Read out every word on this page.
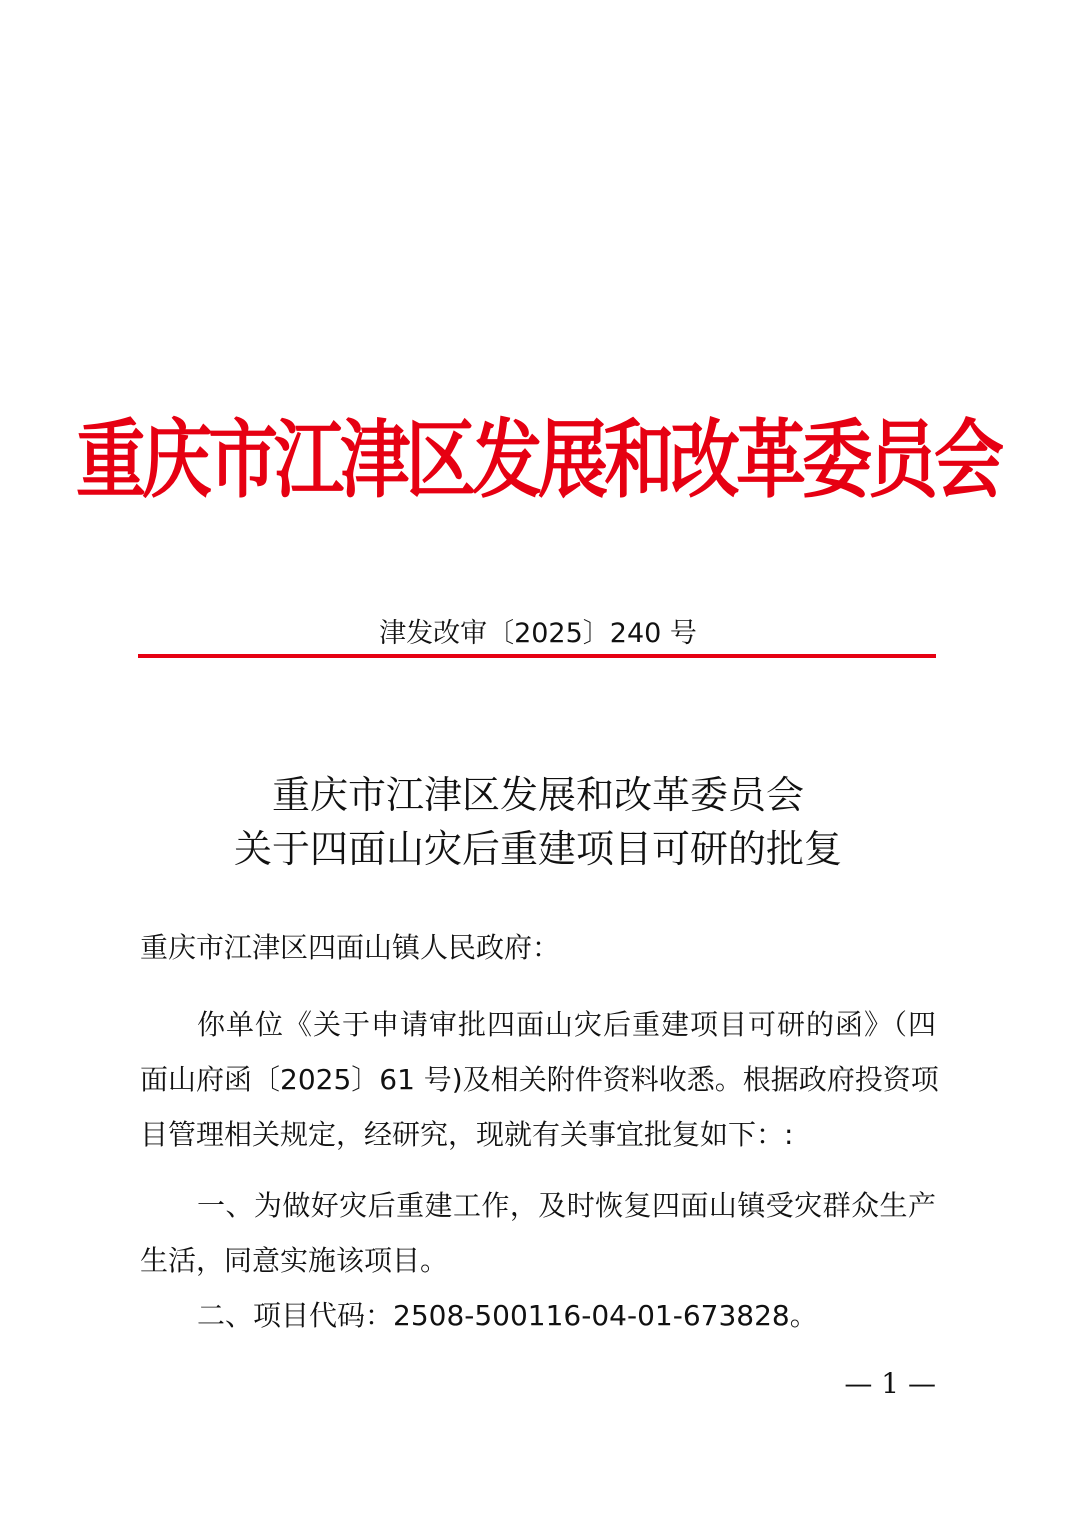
重庆市江津区发展和改革委员会
津发改审〔2025〕240 号
重庆市江津区发展和改革委员会
关于四面山灾后重建项目可研的批复
重庆市江津区四面山镇人民政府：
你单位《关于申请审批四面山灾后重建项目可研的函》（四
面山府函〔2025〕61 号)及相关附件资料收悉。根据政府投资项
目管理相关规定，经研究，现就有关事宜批复如下：:
一、为做好灾后重建工作，及时恢复四面山镇受灾群众生产
生活，同意实施该项目。
二、项目代码：2508-500116-04-01-673828。
— 1 —
